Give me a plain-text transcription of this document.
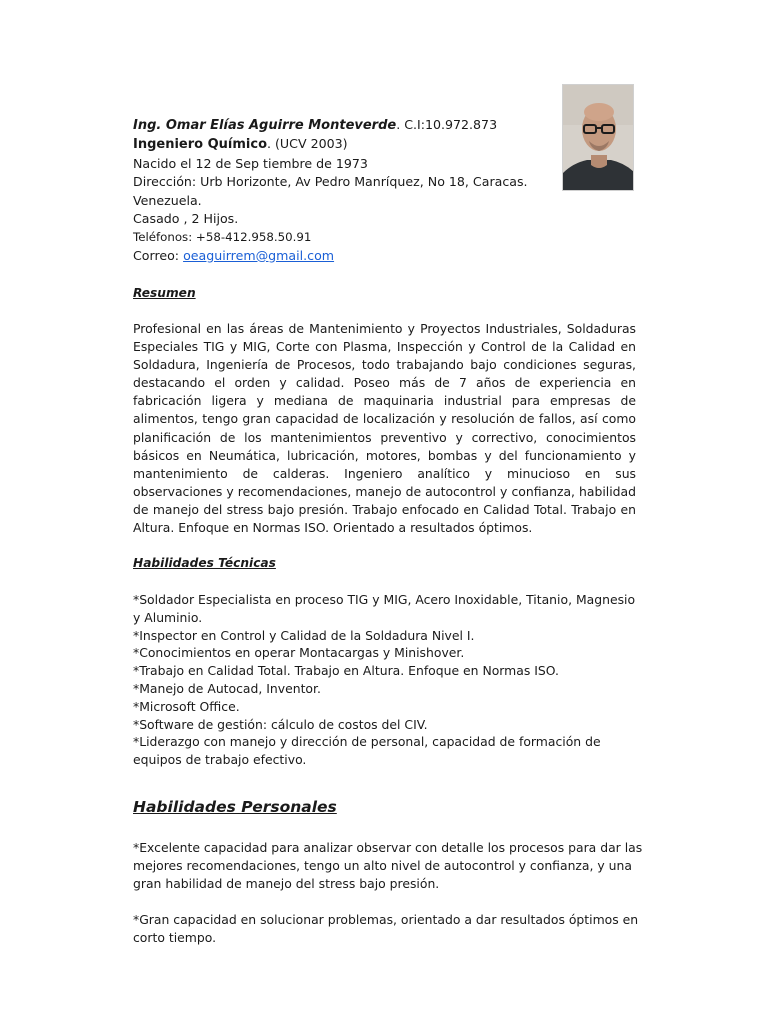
Ing. Omar Elías Aguirre Monteverde. C.I:10.972.873
Ingeniero Químico. (UCV 2003)
Nacido el 12 de Sep tiembre de 1973
Dirección: Urb Horizonte, Av Pedro Manríquez, No 18, Caracas.
Venezuela.
Casado , 2 Hijos.
Teléfonos: +58-412.958.50.91
Correo: oeaguirrem@gmail.com
Resumen
Profesional en las áreas de Mantenimiento y Proyectos Industriales, Soldaduras Especiales TIG y MIG, Corte con Plasma, Inspección y Control de la Calidad en Soldadura, Ingeniería de Procesos, todo trabajando bajo condiciones seguras, destacando el orden y calidad. Poseo más de 7 años de experiencia en fabricación ligera y mediana de maquinaria industrial para empresas de alimentos, tengo gran capacidad de localización y resolución de fallos, así como planificación de los mantenimientos preventivo y correctivo, conocimientos básicos en Neumática, lubricación, motores, bombas y del funcionamiento y mantenimiento de calderas. Ingeniero analítico y minucioso en sus observaciones y recomendaciones, manejo de autocontrol y confianza, habilidad de manejo del stress bajo presión. Trabajo enfocado en Calidad Total. Trabajo en Altura. Enfoque en Normas ISO. Orientado a resultados óptimos.
Habilidades Técnicas
*Soldador Especialista en proceso TIG y MIG, Acero Inoxidable, Titanio, Magnesio y Aluminio.
*Inspector en Control y Calidad de la Soldadura Nivel I.
*Conocimientos en operar Montacargas y Minishover.
*Trabajo en Calidad Total. Trabajo en Altura. Enfoque en Normas ISO.
*Manejo de Autocad, Inventor.
*Microsoft Office.
*Software de gestión: cálculo de costos del CIV.
*Liderazgo con manejo y dirección de personal, capacidad de formación de equipos de trabajo efectivo.
Habilidades Personales
*Excelente capacidad para analizar observar con detalle los procesos para dar las mejores recomendaciones, tengo un alto nivel de autocontrol y confianza, y una gran habilidad de manejo del stress bajo presión.
*Gran capacidad en solucionar problemas, orientado a dar resultados óptimos en corto tiempo.
